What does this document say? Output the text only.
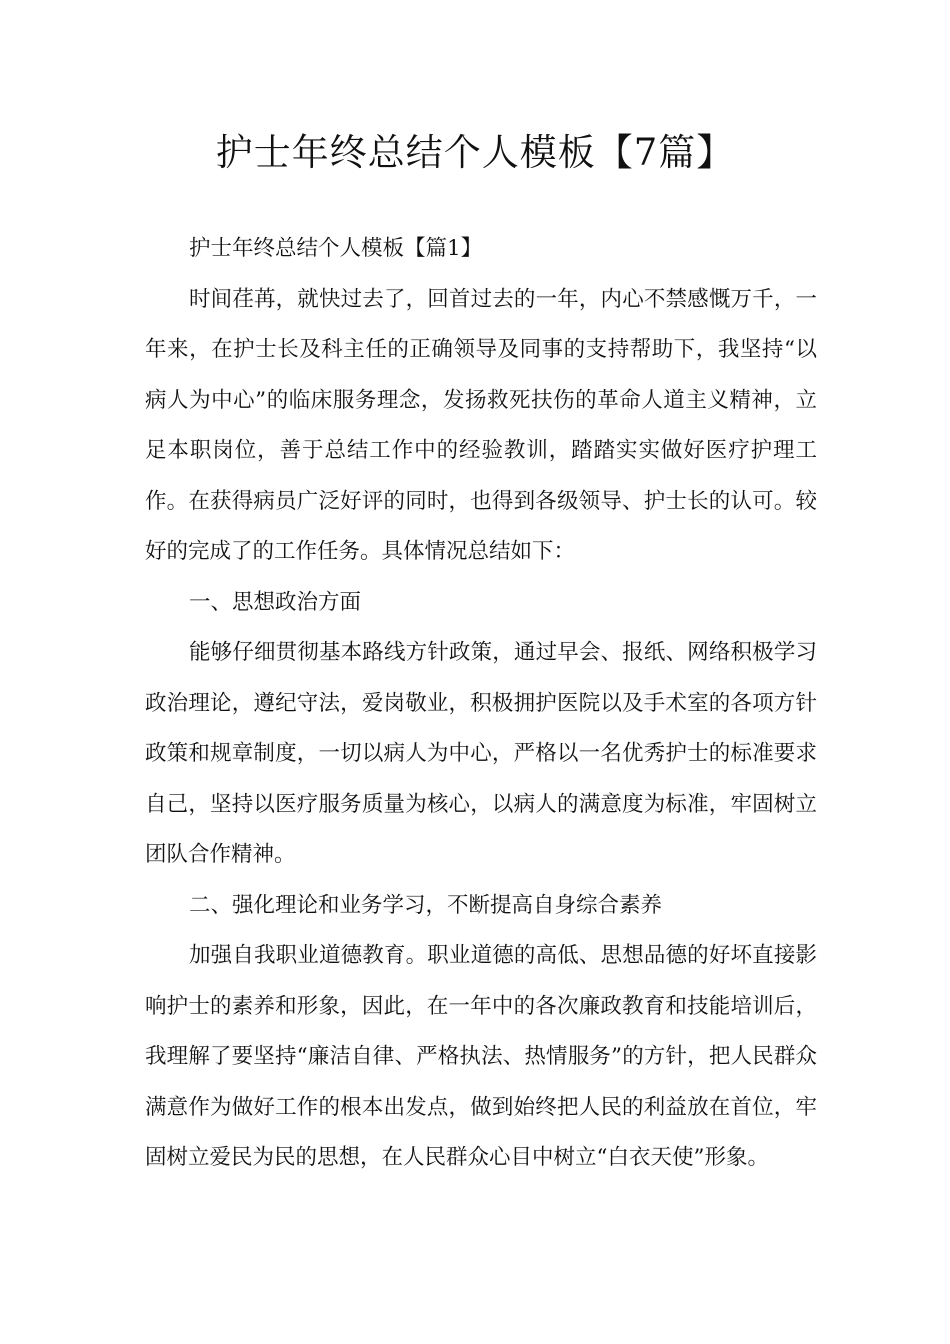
护士年终总结个人模板【7篇】

护士年终总结个人模板【篇1】

时间荏苒，就快过去了，回首过去的一年，内心不禁感慨万千，一年来，在护士长及科主任的正确领导及同事的支持帮助下，我坚持“以病人为中心”的临床服务理念，发扬救死扶伤的革命人道主义精神，立足本职岗位，善于总结工作中的经验教训，踏踏实实做好医疗护理工作。在获得病员广泛好评的同时，也得到各级领导、护士长的认可。较好的完成了的工作任务。具体情况总结如下：

一、思想政治方面

能够仔细贯彻基本路线方针政策，通过早会、报纸、网络积极学习政治理论，遵纪守法，爱岗敬业，积极拥护医院以及手术室的各项方针政策和规章制度，一切以病人为中心，严格以一名优秀护士的标准要求自己，坚持以医疗服务质量为核心，以病人的满意度为标准，牢固树立团队合作精神。

二、强化理论和业务学习，不断提高自身综合素养

加强自我职业道德教育。职业道德的高低、思想品德的好坏直接影响护士的素养和形象，因此，在一年中的各次廉政教育和技能培训后，我理解了要坚持“廉洁自律、严格执法、热情服务”的方针，把人民群众满意作为做好工作的根本出发点，做到始终把人民的利益放在首位，牢固树立爱民为民的思想，在人民群众心目中树立“白衣天使”形象。
